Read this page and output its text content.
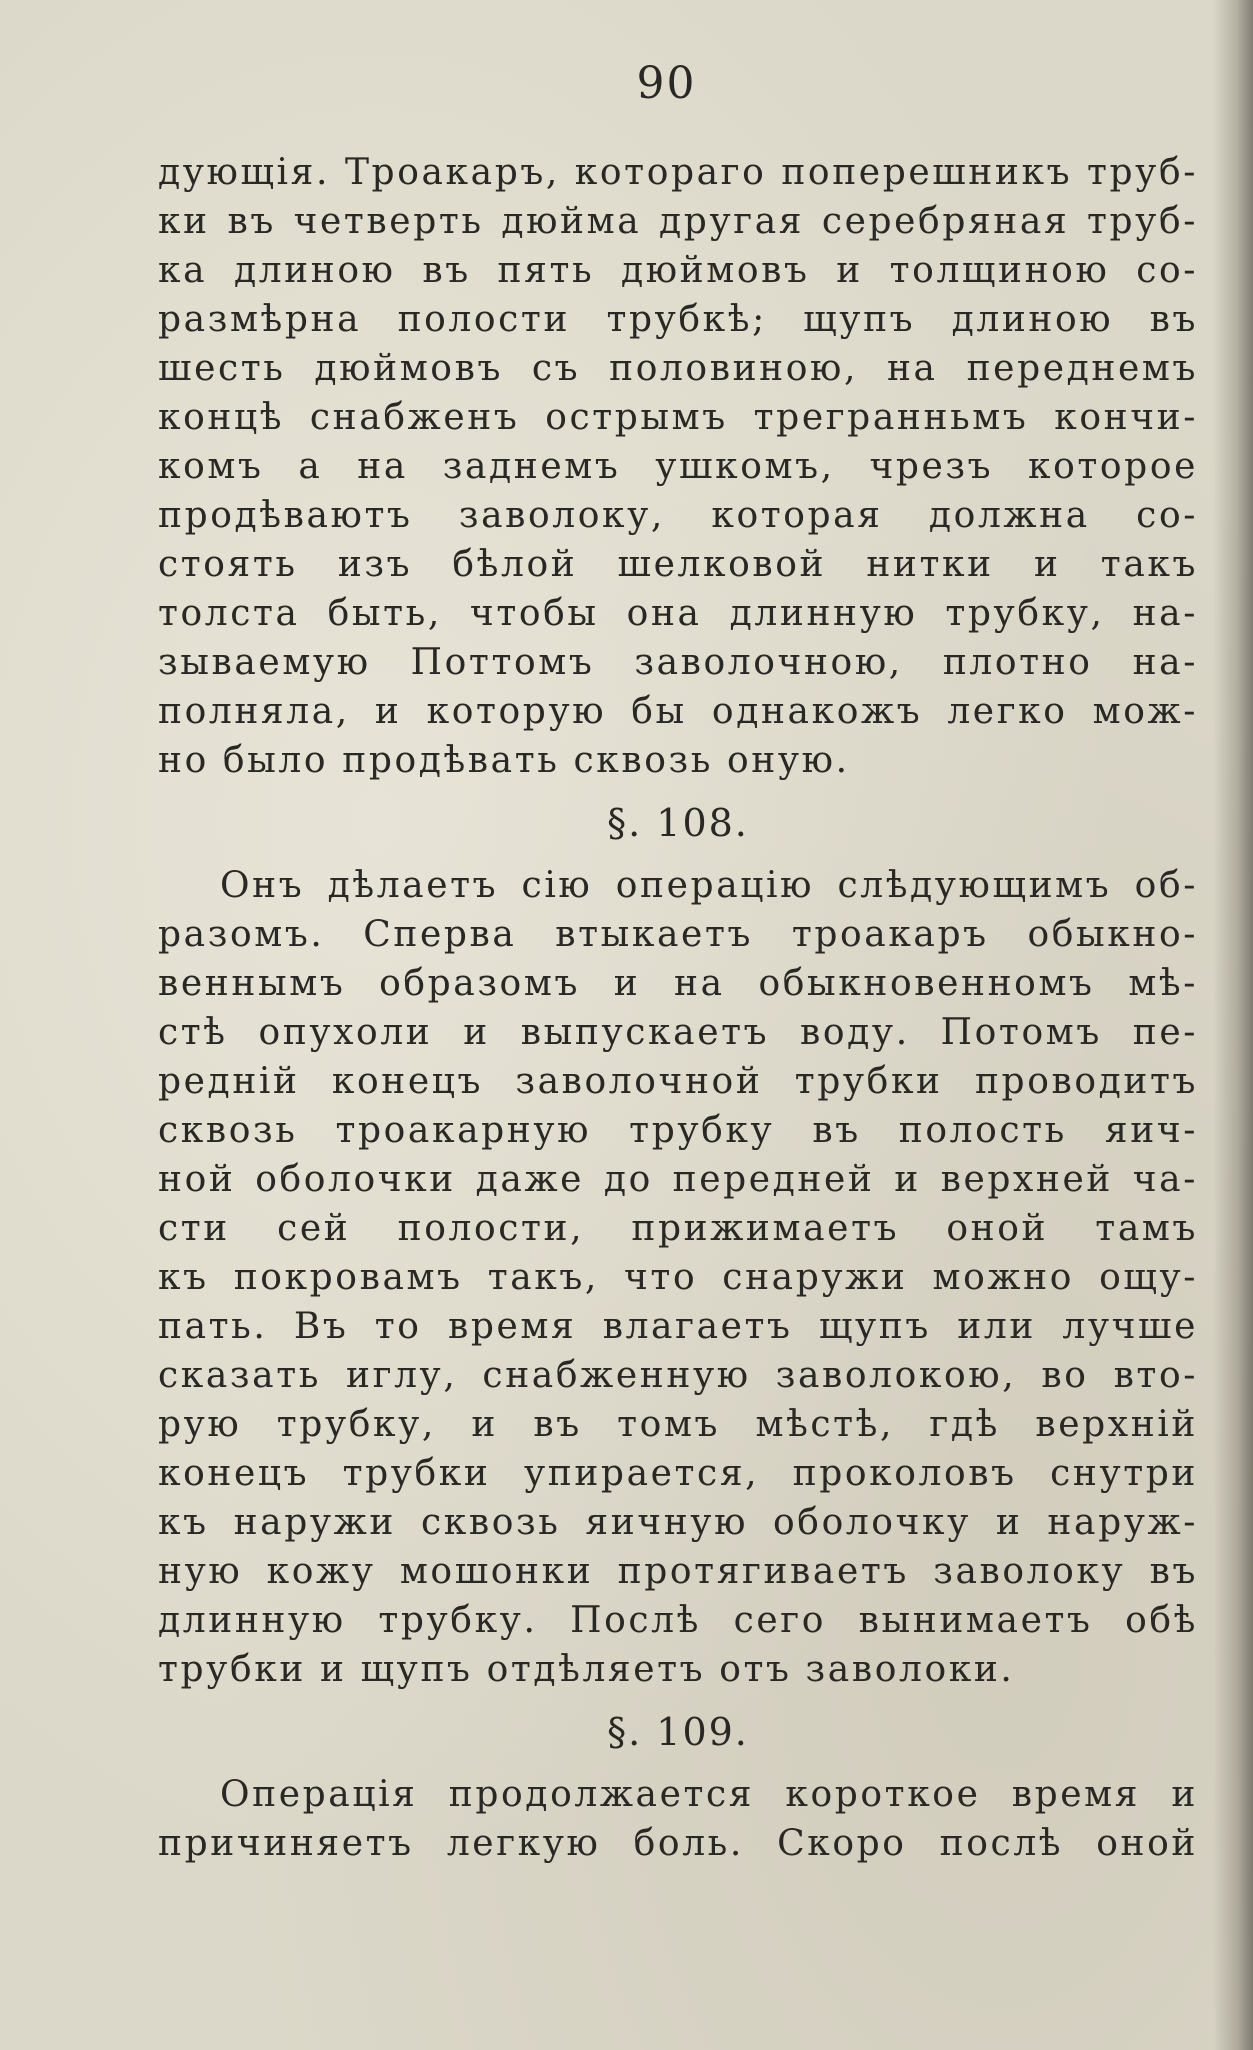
90
дующія. Троакаръ, котораго поперешникъ труб-
ки въ четверть дюйма другая серебряная труб-
ка длиною въ пять дюймовъ и толщиною со-
размѣрна полости трубкѣ; щупъ длиною въ
шесть дюймовъ съ половиною, на переднемъ
концѣ снабженъ острымъ трегранньмъ кончи-
комъ а на заднемъ ушкомъ, чрезъ которое
продѣваютъ заволоку, которая должна со-
стоять изъ бѣлой шелковой нитки и такъ
толста быть, чтобы она длинную трубку, на-
зываемую Поттомъ заволочною, плотно на-
полняла, и которую бы однакожъ легко мож-
но было продѣвать сквозь оную.
§. 108.
Онъ дѣлаетъ сію операцію слѣдующимъ об-
разомъ. Сперва втыкаетъ троакаръ обыкно-
веннымъ образомъ и на обыкновенномъ мѣ-
стѣ опухоли и выпускаетъ воду. Потомъ пе-
редній конецъ заволочной трубки проводитъ
сквозь троакарную трубку въ полость яич-
ной оболочки даже до передней и верхней ча-
сти сей полости, прижимаетъ оной тамъ
къ покровамъ такъ, что снаружи можно ощу-
пать. Въ то время влагаетъ щупъ или лучше
сказать иглу, снабженную заволокою, во вто-
рую трубку, и въ томъ мѣстѣ, гдѣ верхній
конецъ трубки упирается, проколовъ снутри
къ наружи сквозь яичную оболочку и наруж-
ную кожу мошонки протягиваетъ заволоку въ
длинную трубку. Послѣ сего вынимаетъ обѣ
трубки и щупъ отдѣляетъ отъ заволоки.
§. 109.
Операція продолжается короткое время и
причиняетъ легкую боль. Скоро послѣ оной
